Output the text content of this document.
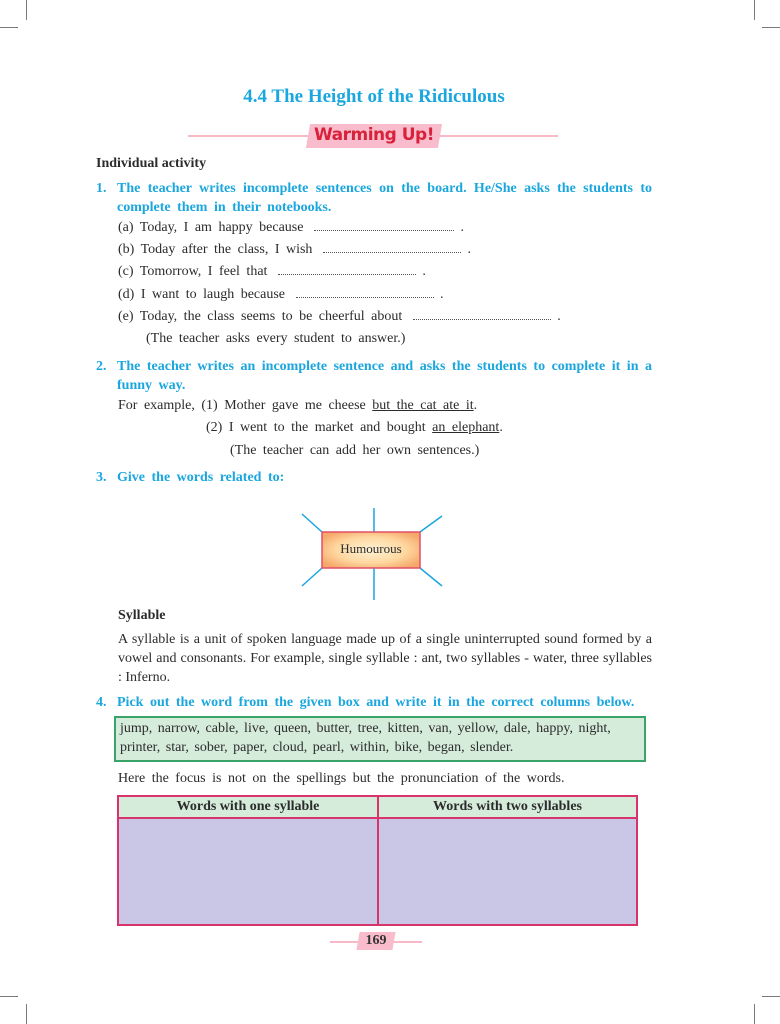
4.4 The Height of the Ridiculous
Warming Up!
Individual activity
1. The teacher writes incomplete sentences on the board. He/She asks the students to complete them in their notebooks.
(a) Today, I am happy because	.
(b) Today after the class, I wish	.
(c) Tomorrow, I feel that	.
(d) I want to laugh because	.
(e) Today, the class seems to be cheerful about	.
(The teacher asks every student to answer.)
2. The teacher writes an incomplete sentence and asks the students to complete it in a funny way.
For example, (1) Mother gave me cheese but the cat ate it.
(2) I went to the market and bought an elephant.
(The teacher can add her own sentences.)
3. Give the words related to:
Humourous
Syllable
A syllable is a unit of spoken language made up of a single uninterrupted sound formed by a vowel and consonants. For example, single syllable : ant, two syllables - water, three syllables : Inferno.
4. Pick out the word from the given box and write it in the correct columns below.
jump, narrow, cable, live, queen, butter, tree, kitten, van, yellow, dale, happy, night, printer, star, sober, paper, cloud, pearl, within, bike, began, slender.
Here the focus is not on the spellings but the pronunciation of the words.
Words with one syllable	Words with two syllables
169
